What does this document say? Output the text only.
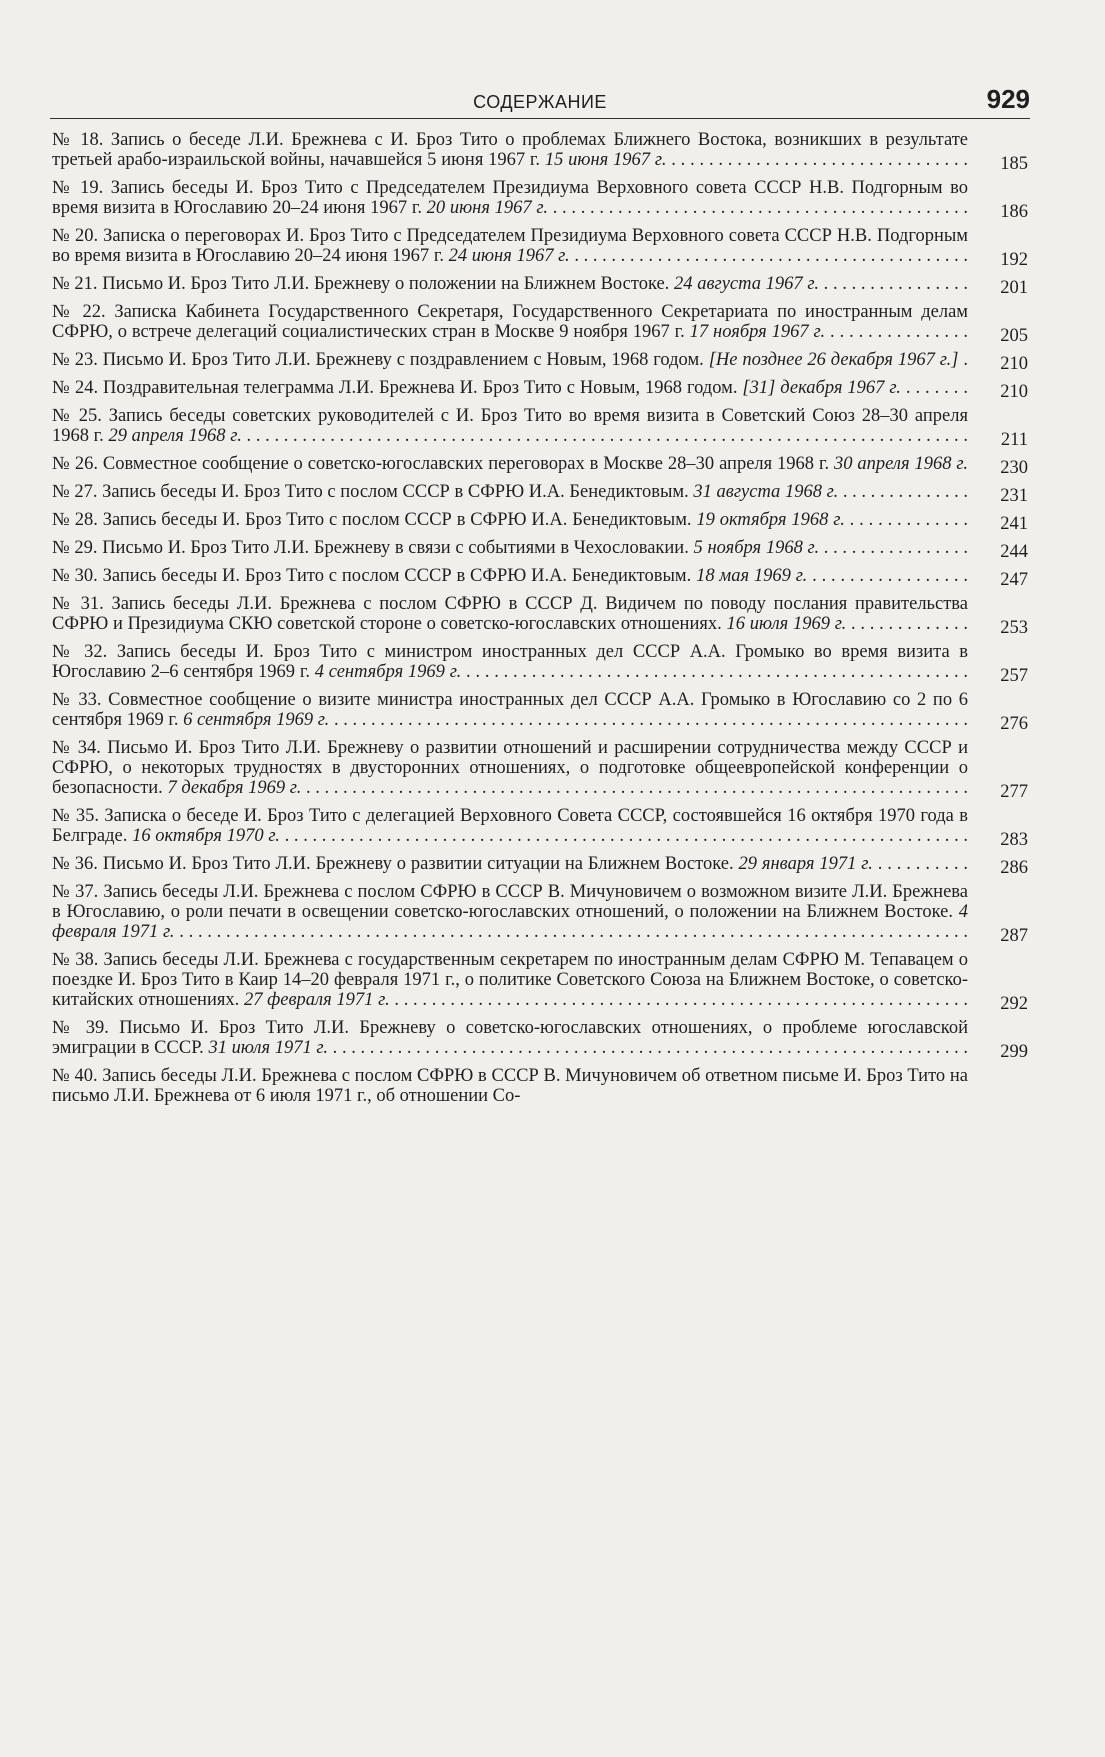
СОДЕРЖАНИЕ	929
№ 18. Запись о беседе Л.И. Брежнева с И. Броз Тито о проблемах Ближнего Востока, возникших в результате третьей арабо-израильской войны, начавшейся 5 июня 1967 г. 15 июня 1967 г. . . .	185
№ 19. Запись беседы И. Броз Тито с Председателем Президиума Верховного совета СССР Н.В. Подгорным во время визита в Югославию 20–24 июня 1967 г. 20 июня 1967 г. . . .	186
№ 20. Записка о переговорах И. Броз Тито с Председателем Президиума Верховного совета СССР Н.В. Подгорным во время визита в Югославию 20–24 июня 1967 г. 24 июня 1967 г. . . .	192
№ 21. Письмо И. Броз Тито Л.И. Брежневу о положении на Ближнем Востоке. 24 августа 1967 г. . . .	201
№ 22. Записка Кабинета Государственного Секретаря, Государственного Секретариата по иностранным делам СФРЮ, о встрече делегаций социалистических стран в Москве 9 ноября 1967 г. 17 ноября 1967 г. . . .	205
№ 23. Письмо И. Броз Тито Л.И. Брежневу с поздравлением с Новым, 1968 годом. [Не позднее 26 декабря 1967 г.] . . .	210
№ 24. Поздравительная телеграмма Л.И. Брежнева И. Броз Тито с Новым, 1968 годом. [31] декабря 1967 г. . . .	210
№ 25. Запись беседы советских руководителей с И. Броз Тито во время визита в Советский Союз 28–30 апреля 1968 г. 29 апреля 1968 г. . . .	211
№ 26. Совместное сообщение о советско-югославских переговорах в Москве 28–30 апреля 1968 г. 30 апреля 1968 г. . . .	230
№ 27. Запись беседы И. Броз Тито с послом СССР в СФРЮ И.А. Бенедиктовым. 31 августа 1968 г. . . .	231
№ 28. Запись беседы И. Броз Тито с послом СССР в СФРЮ И.А. Бенедиктовым. 19 октября 1968 г. . . .	241
№ 29. Письмо И. Броз Тито Л.И. Брежневу в связи с событиями в Чехословакии. 5 ноября 1968 г. . . .	244
№ 30. Запись беседы И. Броз Тито с послом СССР в СФРЮ И.А. Бенедиктовым. 18 мая 1969 г. . . .	247
№ 31. Запись беседы Л.И. Брежнева с послом СФРЮ в СССР Д. Видичем по поводу послания правительства СФРЮ и Президиума СКЮ советской стороне о советско-югославских отношениях. 16 июля 1969 г. . . .	253
№ 32. Запись беседы И. Броз Тито с министром иностранных дел СССР А.А. Громыко во время визита в Югославию 2–6 сентября 1969 г. 4 сентября 1969 г. . . .	257
№ 33. Совместное сообщение о визите министра иностранных дел СССР А.А. Громыко в Югославию со 2 по 6 сентября 1969 г. 6 сентября 1969 г. . . .	276
№ 34. Письмо И. Броз Тито Л.И. Брежневу о развитии отношений и расширении сотрудничества между СССР и СФРЮ, о некоторых трудностях в двусторонних отношениях, о подготовке общеевропейской конференции о безопасности. 7 декабря 1969 г. . . .	277
№ 35. Записка о беседе И. Броз Тито с делегацией Верховного Совета СССР, состоявшейся 16 октября 1970 года в Белграде. 16 октября 1970 г. . . .	283
№ 36. Письмо И. Броз Тито Л.И. Брежневу о развитии ситуации на Ближнем Востоке. 29 января 1971 г. . . .	286
№ 37. Запись беседы Л.И. Брежнева с послом СФРЮ в СССР В. Мичуновичем о возможном визите Л.И. Брежнева в Югославию, о роли печати в освещении советско-югославских отношений, о положении на Ближнем Востоке. 4 февраля 1971 г. . . .	287
№ 38. Запись беседы Л.И. Брежнева с государственным секретарем по иностранным делам СФРЮ М. Тепавацем о поездке И. Броз Тито в Каир 14–20 февраля 1971 г., о политике Советского Союза на Ближнем Востоке, о советско-китайских отношениях. 27 февраля 1971 г. . . .	292
№ 39. Письмо И. Броз Тито Л.И. Брежневу о советско-югославских отношениях, о проблеме югославской эмиграции в СССР. 31 июля 1971 г. . . .	299
№ 40. Запись беседы Л.И. Брежнева с послом СФРЮ в СССР В. Мичуновичем об ответном письме И. Броз Тито на письмо Л.И. Брежнева от 6 июля 1971 г., об отношении Со-
